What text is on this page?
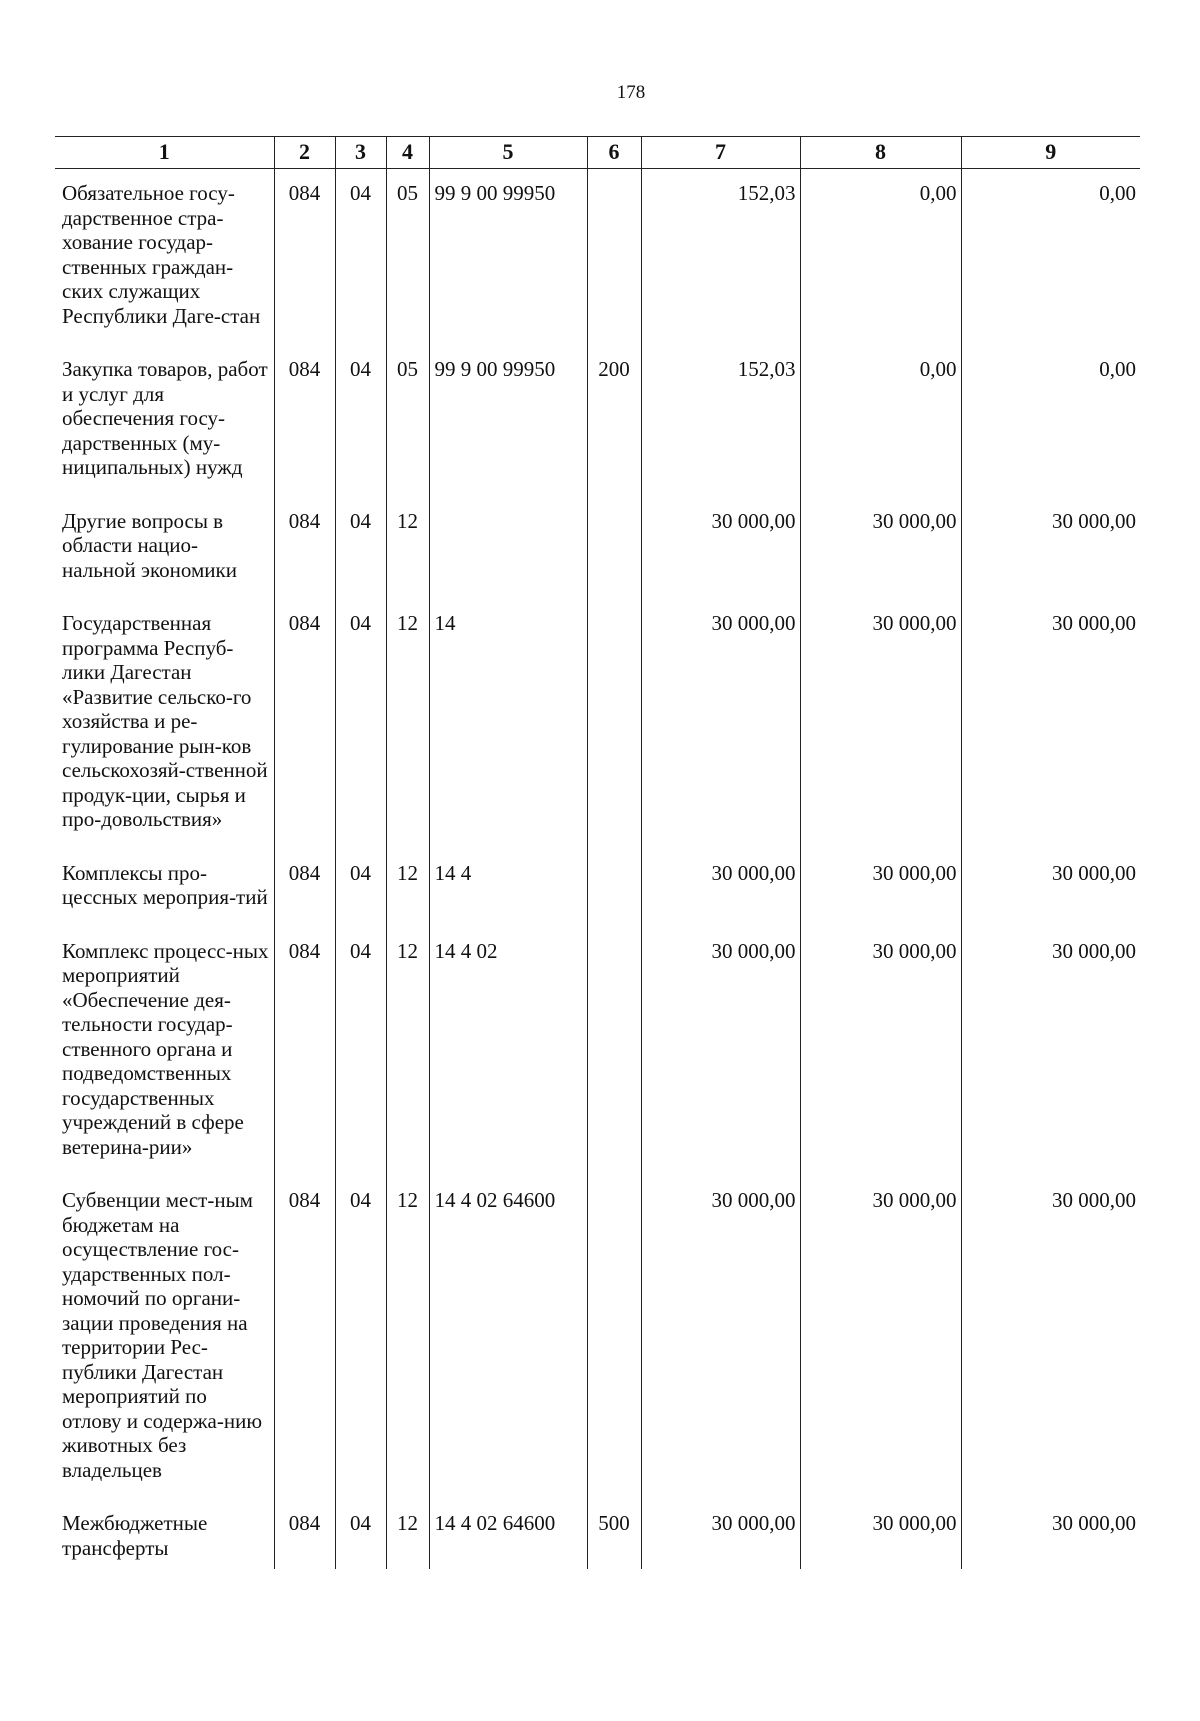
178
1	2	3	4	5	6	7	8	9
Обязательное госу-дарственное стра-хование государ-ственных граждан-ских служащих Республики Даге-стан	084	04	05	99 9 00 99950		152,03	0,00	0,00
Закупка товаров, работ и услуг для обеспечения госу-дарственных (му-ниципальных) нужд	084	04	05	99 9 00 99950	200	152,03	0,00	0,00
Другие вопросы в области нацио-нальной экономики	084	04	12			30 000,00	30 000,00	30 000,00
Государственная программа Респуб-лики Дагестан «Развитие сельско-го хозяйства и ре-гулирование рын-ков сельскохозяй-ственной продук-ции, сырья и про-довольствия»	084	04	12	14		30 000,00	30 000,00	30 000,00
Комплексы про-цессных мероприя-тий	084	04	12	14 4		30 000,00	30 000,00	30 000,00
Комплекс процесс-ных мероприятий «Обеспечение дея-тельности государ-ственного органа и подведомственных государственных учреждений в сфере ветерина-рии»	084	04	12	14 4 02		30 000,00	30 000,00	30 000,00
Субвенции мест-ным бюджетам на осуществление гос-ударственных пол-номочий по органи-зации проведения на территории Рес-публики Дагестан мероприятий по отлову и содержа-нию животных без владельцев	084	04	12	14 4 02 64600		30 000,00	30 000,00	30 000,00
Межбюджетные трансферты	084	04	12	14 4 02 64600	500	30 000,00	30 000,00	30 000,00
